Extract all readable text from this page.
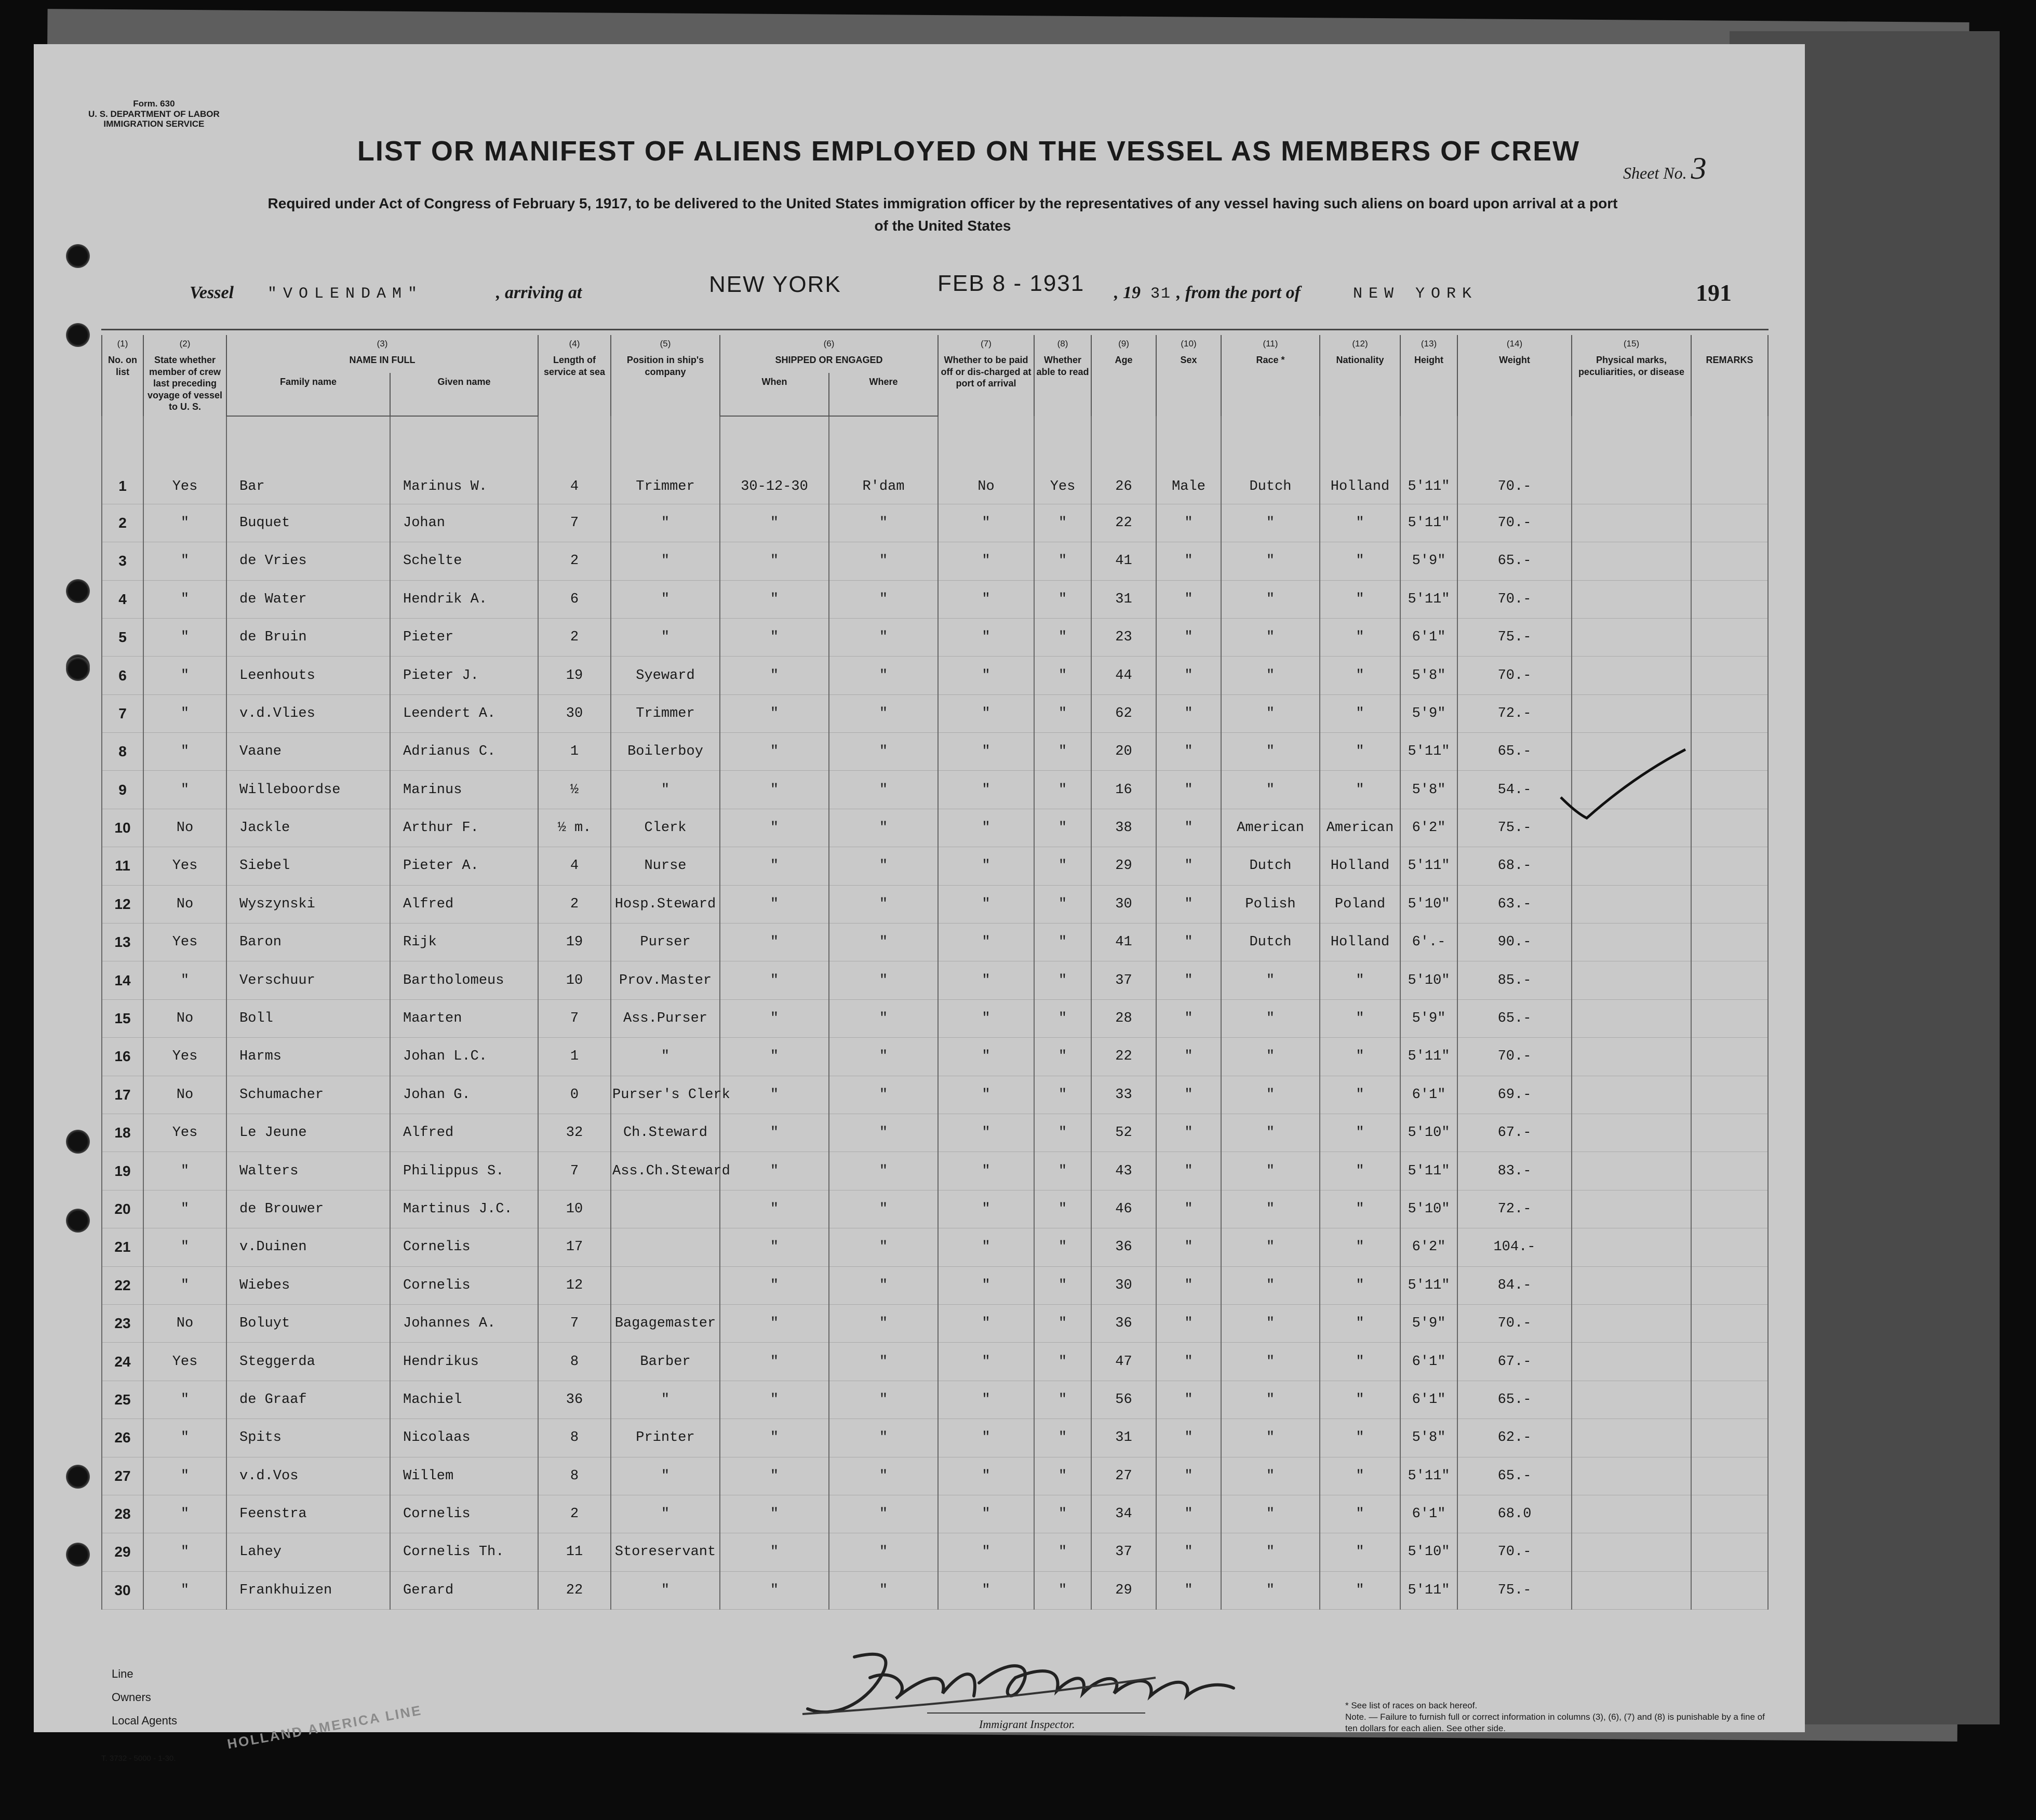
Form. 630
U. S. DEPARTMENT OF LABOR
IMMIGRATION SERVICE
LIST OR MANIFEST OF ALIENS EMPLOYED ON THE VESSEL AS MEMBERS OF CREW
Sheet No. 3
Required under Act of Congress of February 5, 1917, to be delivered to the United States immigration officer by the representatives of any vessel having such aliens on board upon arrival at a port
of the United States
Vessel "VOLENDAM"	, arriving at	NEW YORK	FEB 8 - 1931 , 19 31 , from the port of	NEW YORK	191
(1)	(2)	(3)		(4)	(5)	(6)		(7)	(8)	(9)	(10)	(11)	(12)	(13)	(14)	(15)	
No. on list	State whether member of crew last preceding voyage of vessel to U. S.	NAME IN FULL		Length of service at sea	Position in ship's company	SHIPPED OR ENGAGED		Whether to be paid off or dis-charged at port of arrival	Whether able to read	Age	Sex	Race *	Nationality	Height	Weight	Physical marks, peculiarities, or disease	REMARKS
		Family name	Given name			When	Where										
1	Yes	Bar	Marinus W.	4	Trimmer	30-12-30	R'dam	No	Yes	26	Male	Dutch	Holland	5'11"	70.-		
2	"	Buquet	Johan	7	"	"	"	"	"	22	"	"	"	5'11"	70.-		
3	"	de Vries	Schelte	2	"	"	"	"	"	41	"	"	"	5'9"	65.-		
4	"	de Water	Hendrik A.	6	"	"	"	"	"	31	"	"	"	5'11"	70.-		
5	"	de Bruin	Pieter	2	"	"	"	"	"	23	"	"	"	6'1"	75.-		
6	"	Leenhouts	Pieter J.	19	Syeward	"	"	"	"	44	"	"	"	5'8"	70.-		
7	"	v.d.Vlies	Leendert A.	30	Trimmer	"	"	"	"	62	"	"	"	5'9"	72.-		
8	"	Vaane	Adrianus C.	1	Boilerboy	"	"	"	"	20	"	"	"	5'11"	65.-		
9	"	Willeboordse	Marinus	½	"	"	"	"	"	16	"	"	"	5'8"	54.-		
10	No	Jackle	Arthur F.	½ m.	Clerk	"	"	"	"	38	"	American	American	6'2"	75.-		
11	Yes	Siebel	Pieter A.	4	Nurse	"	"	"	"	29	"	Dutch	Holland	5'11"	68.-		
12	No	Wyszynski	Alfred	2	Hosp.Steward	"	"	"	"	30	"	Polish	Poland	5'10"	63.-		
13	Yes	Baron	Rijk	19	Purser	"	"	"	"	41	"	Dutch	Holland	6'.-	90.-		
14	"	Verschuur	Bartholomeus	10	Prov.Master	"	"	"	"	37	"	"	"	5'10"	85.-		
15	No	Boll	Maarten	7	Ass.Purser	"	"	"	"	28	"	"	"	5'9"	65.-		
16	Yes	Harms	Johan L.C.	1	"	"	"	"	"	22	"	"	"	5'11"	70.-		
17	No	Schumacher	Johan G.	0	Purser's Clerk	"	"	"	"	33	"	"	"	6'1"	69.-		
18	Yes	Le Jeune	Alfred	32	Ch.Steward	"	"	"	"	52	"	"	"	5'10"	67.-		
19	"	Walters	Philippus S.	7	Ass.Ch.Steward	"	"	"	"	43	"	"	"	5'11"	83.-		
20	"	de Brouwer	Martinus J.C.	10		"	"	"	"	46	"	"	"	5'10"	72.-		
21	"	v.Duinen	Cornelis	17		"	"	"	"	36	"	"	"	6'2"	104.-		
22	"	Wiebes	Cornelis	12		"	"	"	"	30	"	"	"	5'11"	84.-		
23	No	Boluyt	Johannes A.	7	Bagagemaster	"	"	"	"	36	"	"	"	5'9"	70.-		
24	Yes	Steggerda	Hendrikus	8	Barber	"	"	"	"	47	"	"	"	6'1"	67.-		
25	"	de Graaf	Machiel	36	"	"	"	"	"	56	"	"	"	6'1"	65.-		
26	"	Spits	Nicolaas	8	Printer	"	"	"	"	31	"	"	"	5'8"	62.-		
27	"	v.d.Vos	Willem	8	"	"	"	"	"	27	"	"	"	5'11"	65.-		
28	"	Feenstra	Cornelis	2	"	"	"	"	"	34	"	"	"	6'1"	68.0		
29	"	Lahey	Cornelis Th.	11	Storeservant	"	"	"	"	37	"	"	"	5'10"	70.-		
30	"	Frankhuizen	Gerard	22	"	"	"	"	"	29	"	"	"	5'11"	75.-		
Line
Owners
Local Agents	HOLLAND AMERICA LINE	Immigrant Inspector.
* See list of races on back hereof.
Note. — Failure to furnish full or correct information in columns (3), (6), (7) and (8) is punishable by a fine of ten dollars for each alien. See other side.
T. 3732 - 5000 - 1-30.
